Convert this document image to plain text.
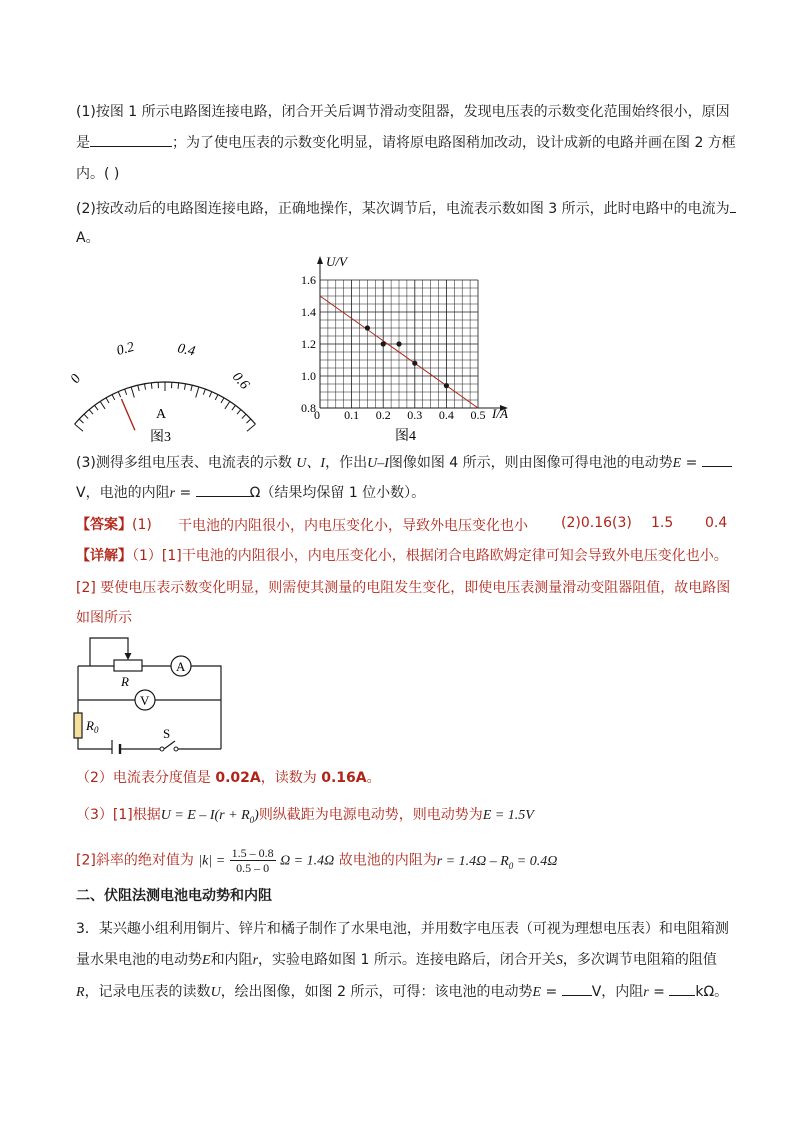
(1)按图 1 所示电路图连接电路，闭合开关后调节滑动变阻器，发现电压表的示数变化范围始终很小，原因
是	；为了使电压表的示数变化明显，请将原电路图稍加改动，设计成新的电路并画在图 2 方框
内。( )
(2)按改动后的电路图连接电路，正确地操作，某次调节后，电流表示数如图 3 所示，此时电路中的电流为
A。
0
0.2	0.4
0.6
A
图3
U/V
I/A
0 0.1 0.2 0.3 0.4 0.5
0.8
1.0
1.2
1.4
1.6
图4
(3)测得多组电压表、电流表的示数 U、I，作出U–I图像如图 4 所示，则由图像可得电池的电动势E =
V，电池的内阻r =	Ω（结果均保留 1 位小数）。
【答案】(1) 干电池的内阻很小，内电压变化小，导致外电压变化也小 (2)0.16(3) 1.5 0.4
【详解】（1）[1]干电池的内阻很小，内电压变化小，根据闭合电路欧姆定律可知会导致外电压变化也小。
[2] 要使电压表示数变化明显，则需使其测量的电阻发生变化，即使电压表测量滑动变阻器阻值，故电路图
如图所示
R
A
V
$R_0$	S
（2）电流表分度值是 0.02A，读数为 0.16A。
（3）[1]根据$U = E - I(r + R_0)$则纵截距为电源电动势，则电动势为E = 1.5V
[2]斜率的绝对值为 $|k| = \frac{1.5 - 0.8}{0.5 - 0}$ Ω = 1.4Ω 故电池的内阻为$r = 1.4\Omega - R_0 = 0.4\Omega$
二、伏阻法测电池电动势和内阻
3．某兴趣小组利用铜片、锌片和橘子制作了水果电池，并用数字电压表（可视为理想电压表）和电阻箱测
量水果电池的电动势E和内阻r，实验电路如图 1 所示。连接电路后，闭合开关S，多次调节电阻箱的阻值
R，记录电压表的读数U，绘出图像，如图 2 所示，可得：该电池的电动势E = V，内阻r = kΩ。
